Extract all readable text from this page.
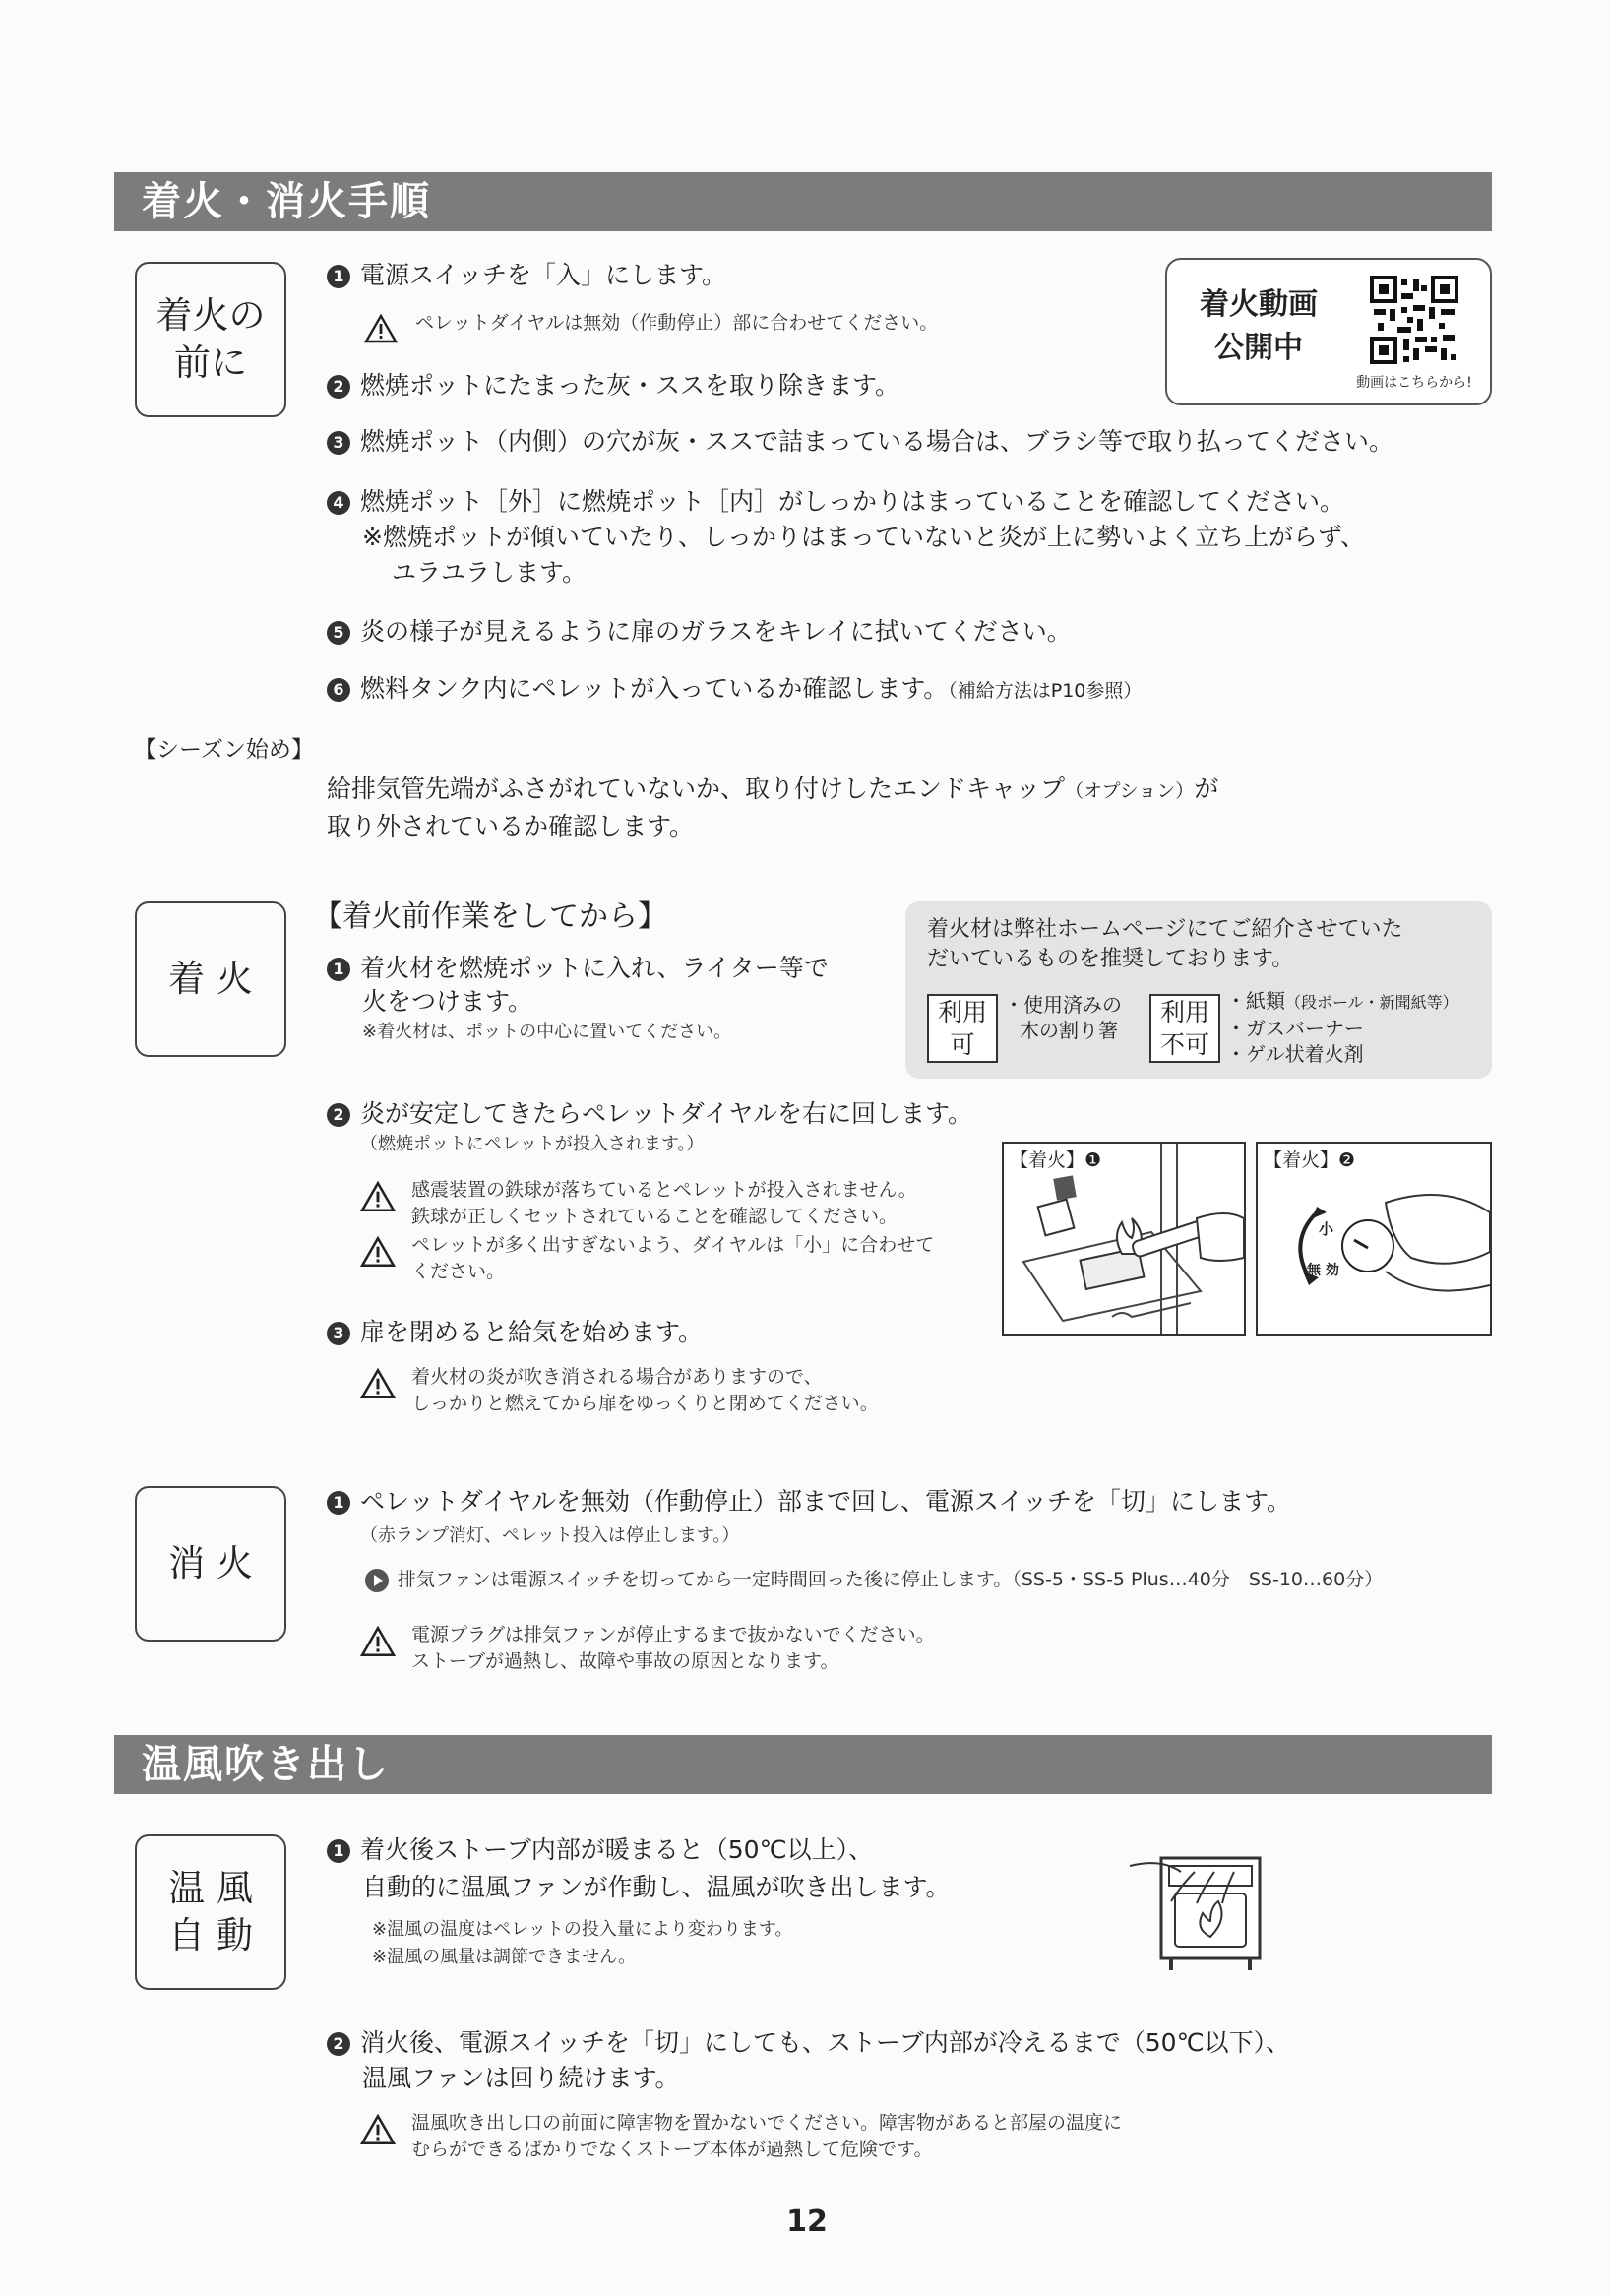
着火・消火手順
着火の
前に
1 電源スイッチを「入」にします。
ペレットダイヤルは無効（作動停止）部に合わせてください。
着火動画
公開中
動画はこちらから!
2 燃焼ポットにたまった灰・ススを取り除きます。
3 燃焼ポット（内側）の穴が灰・ススで詰まっている場合は、ブラシ等で取り払ってください。
4 燃焼ポット［外］に燃焼ポット［内］がしっかりはまっていることを確認してください。
※燃焼ポットが傾いていたり、しっかりはまっていないと炎が上に勢いよく立ち上がらず、
ユラユラします。
5 炎の様子が見えるように扉のガラスをキレイに拭いてください。
6 燃料タンク内にペレットが入っているか確認します。（補給方法はP10参照）
【シーズン始め】
給排気管先端がふさがれていないか、取り付けしたエンドキャップ（オプション）が
取り外されているか確認します。
着 火
【着火前作業をしてから】
1 着火材を燃焼ポットに入れ、ライター等で
火をつけます。
※着火材は、ポットの中心に置いてください。
着火材は弊社ホームページにてご紹介させていた
だいているものを推奨しております。
利用
可
・使用済みの
木の割り箸
利用
不可
・紙類（段ボール・新聞紙等）
・ガスバーナー
・ゲル状着火剤
2 炎が安定してきたらペレットダイヤルを右に回します。
（燃焼ポットにペレットが投入されます。）
感震装置の鉄球が落ちているとペレットが投入されません。
鉄球が正しくセットされていることを確認してください。
ペレットが多く出すぎないよう、ダイヤルは「小」に合わせて
ください。
【着火】❶	【着火】❷
小
無 効
3 扉を閉めると給気を始めます。
着火材の炎が吹き消される場合がありますので、
しっかりと燃えてから扉をゆっくりと閉めてください。
消 火
1 ペレットダイヤルを無効（作動停止）部まで回し、電源スイッチを「切」にします。
（赤ランプ消灯、ペレット投入は停止します。）
排気ファンは電源スイッチを切ってから一定時間回った後に停止します。（SS-5・SS-5 Plus…40分　SS-10…60分）
電源プラグは排気ファンが停止するまで抜かないでください。
ストーブが過熱し、故障や事故の原因となります。
温風吹き出し
温 風
自 動
1 着火後ストーブ内部が暖まると（50℃以上）、
自動的に温風ファンが作動し、温風が吹き出します。
※温風の温度はペレットの投入量により変わります。
※温風の風量は調節できません。
2 消火後、電源スイッチを「切」にしても、ストーブ内部が冷えるまで（50℃以下）、
温風ファンは回り続けます。
温風吹き出し口の前面に障害物を置かないでください。障害物があると部屋の温度に
むらができるばかりでなくストーブ本体が過熱して危険です。
12
